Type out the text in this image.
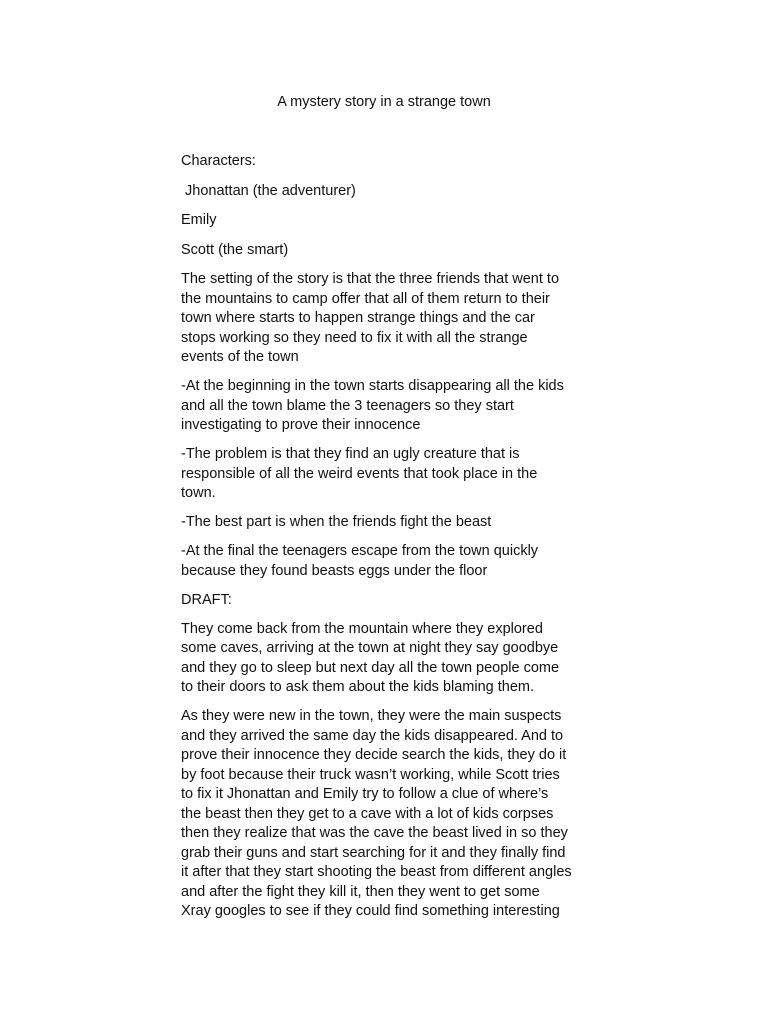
A mystery story in a strange town

Characters:

Jhonattan (the adventurer)

Emily

Scott (the smart)

The setting of the story is that the three friends that went to

the mountains to camp offer that all of them return to their

town where starts to happen strange things and the car

stops working so they need to fix it with all the strange

events of the town

-At the beginning in the town starts disappearing all the kids

and all the town blame the 3 teenagers so they start

investigating to prove their innocence

-The problem is that they find an ugly creature that is

responsible of all the weird events that took place in the

town.

-The best part is when the friends fight the beast

-At the final the teenagers escape from the town quickly

because they found beasts eggs under the floor

DRAFT:

They come back from the mountain where they explored

some caves, arriving at the town at night they say goodbye

and they go to sleep but next day all the town people come

to their doors to ask them about the kids blaming them.

As they were new in the town, they were the main suspects

and they arrived the same day the kids disappeared. And to

prove their innocence they decide search the kids, they do it

by foot because their truck wasn’t working, while Scott tries

to fix it Jhonattan and Emily try to follow a clue of where’s

the beast then they get to a cave with a lot of kids corpses

then they realize that was the cave the beast lived in so they

grab their guns and start searching for it and they finally find

it after that they start shooting the beast from different angles

and after the fight they kill it, then they went to get some

Xray googles to see if they could find something interesting
